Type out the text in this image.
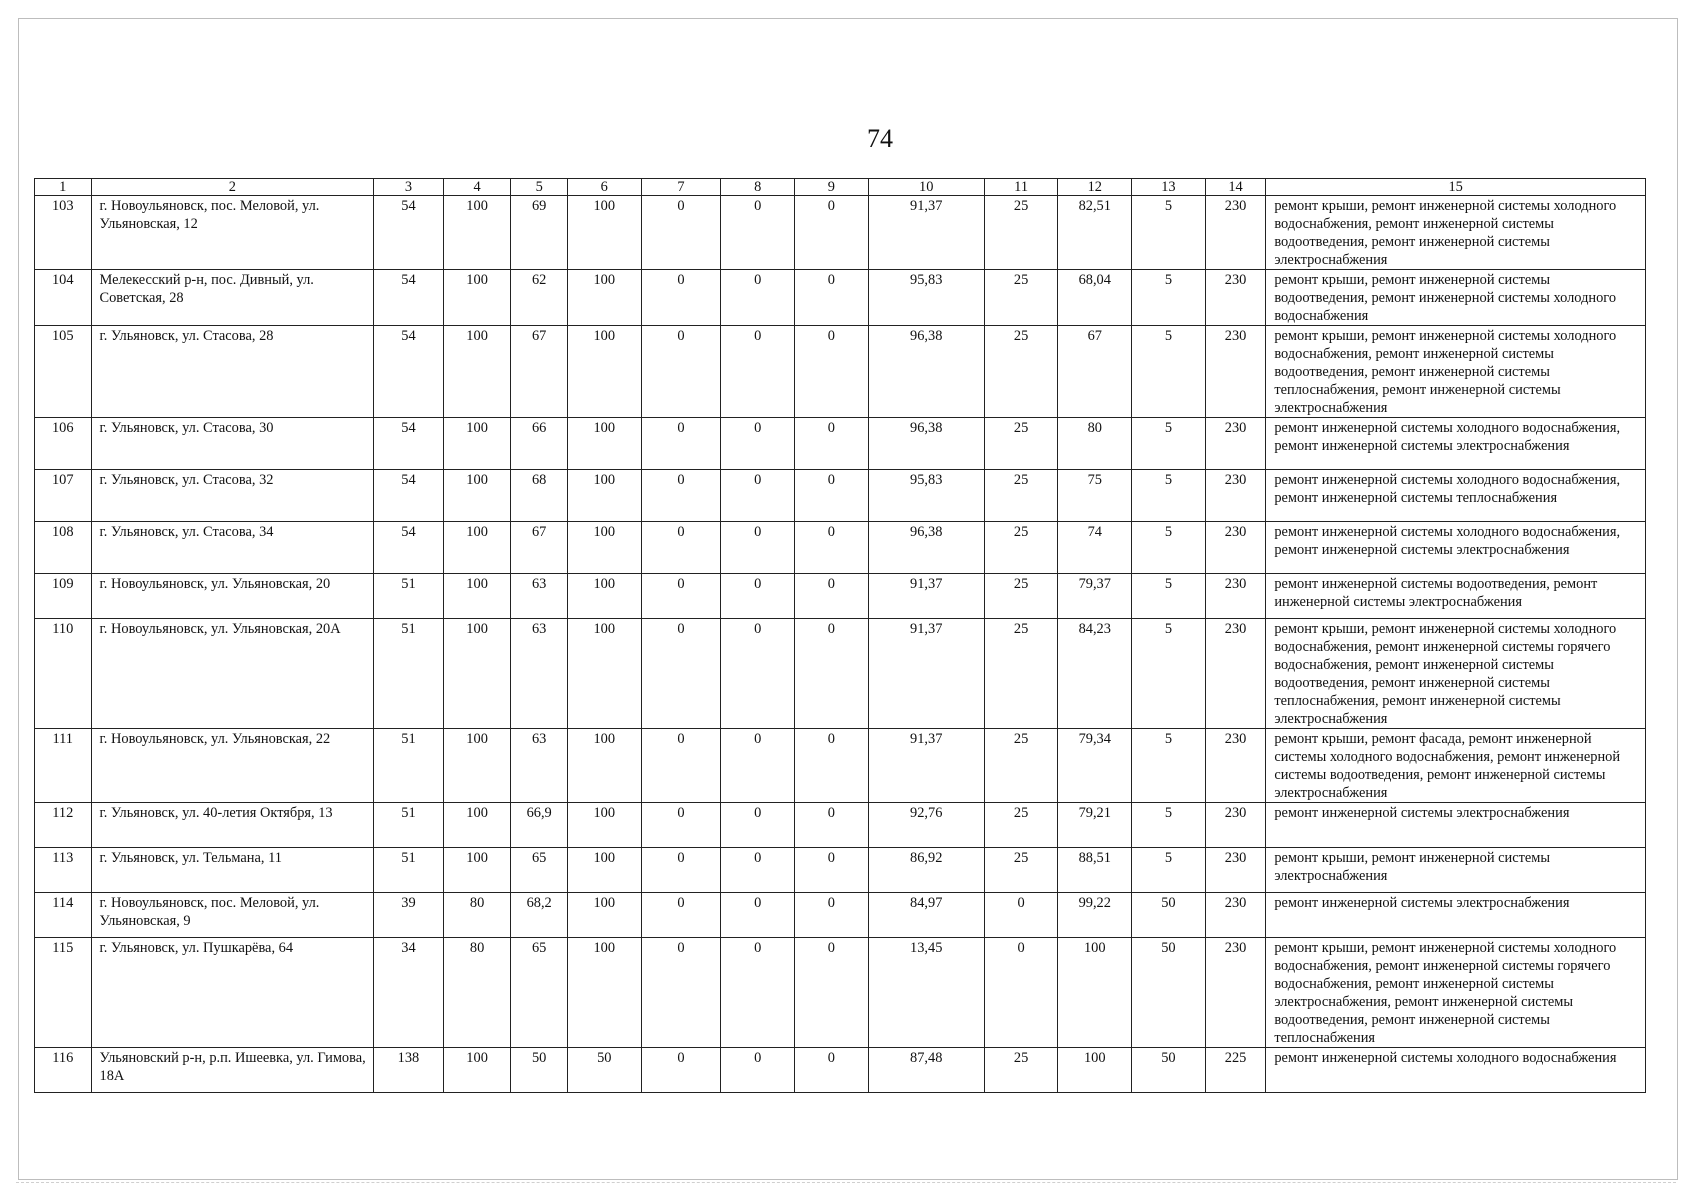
74
1	2	3	4	5	6	7	8	9	10	11	12	13	14	15
103	г. Новоульяновск, пос. Меловой, ул. Ульяновская, 12	54	100	69	100	0	0	0	91,37	25	82,51	5	230	ремонт крыши, ремонт инженерной системы холодного водоснабжения, ремонт инженерной системы водоотведения, ремонт инженерной системы электроснабжения
104	Мелекесский р-н, пос. Дивный, ул. Советская, 28	54	100	62	100	0	0	0	95,83	25	68,04	5	230	ремонт крыши, ремонт инженерной системы водоотведения, ремонт инженерной системы холодного водоснабжения
105	г. Ульяновск, ул. Стасова, 28	54	100	67	100	0	0	0	96,38	25	67	5	230	ремонт крыши, ремонт инженерной системы холодного водоснабжения, ремонт инженерной системы водоотведения, ремонт инженерной системы теплоснабжения, ремонт инженерной системы электроснабжения
106	г. Ульяновск, ул. Стасова, 30	54	100	66	100	0	0	0	96,38	25	80	5	230	ремонт инженерной системы холодного водоснабжения, ремонт инженерной системы электроснабжения
107	г. Ульяновск, ул. Стасова, 32	54	100	68	100	0	0	0	95,83	25	75	5	230	ремонт инженерной системы холодного водоснабжения, ремонт инженерной системы теплоснабжения
108	г. Ульяновск, ул. Стасова, 34	54	100	67	100	0	0	0	96,38	25	74	5	230	ремонт инженерной системы холодного водоснабжения, ремонт инженерной системы электроснабжения
109	г. Новоульяновск, ул. Ульяновская, 20	51	100	63	100	0	0	0	91,37	25	79,37	5	230	ремонт инженерной системы водоотведения, ремонт инженерной системы электроснабжения
110	г. Новоульяновск, ул. Ульяновская, 20А	51	100	63	100	0	0	0	91,37	25	84,23	5	230	ремонт крыши, ремонт инженерной системы холодного водоснабжения, ремонт инженерной системы горячего водоснабжения, ремонт инженерной системы водоотведения, ремонт инженерной системы теплоснабжения, ремонт инженерной системы электроснабжения
111	г. Новоульяновск, ул. Ульяновская, 22	51	100	63	100	0	0	0	91,37	25	79,34	5	230	ремонт крыши, ремонт фасада, ремонт инженерной системы холодного водоснабжения, ремонт инженерной системы водоотведения, ремонт инженерной системы электроснабжения
112	г. Ульяновск, ул. 40-летия Октября, 13	51	100	66,9	100	0	0	0	92,76	25	79,21	5	230	ремонт инженерной системы электроснабжения
113	г. Ульяновск, ул. Тельмана, 11	51	100	65	100	0	0	0	86,92	25	88,51	5	230	ремонт крыши, ремонт инженерной системы электроснабжения
114	г. Новоульяновск, пос. Меловой, ул. Ульяновская, 9	39	80	68,2	100	0	0	0	84,97	0	99,22	50	230	ремонт инженерной системы электроснабжения
115	г. Ульяновск, ул. Пушкарёва, 64	34	80	65	100	0	0	0	13,45	0	100	50	230	ремонт крыши, ремонт инженерной системы холодного водоснабжения, ремонт инженерной системы горячего водоснабжения, ремонт инженерной системы электроснабжения, ремонт инженерной системы водоотведения, ремонт инженерной системы теплоснабжения
116	Ульяновский р-н, р.п. Ишеевка, ул. Гимова, 18А	138	100	50	50	0	0	0	87,48	25	100	50	225	ремонт инженерной системы холодного водоснабжения
